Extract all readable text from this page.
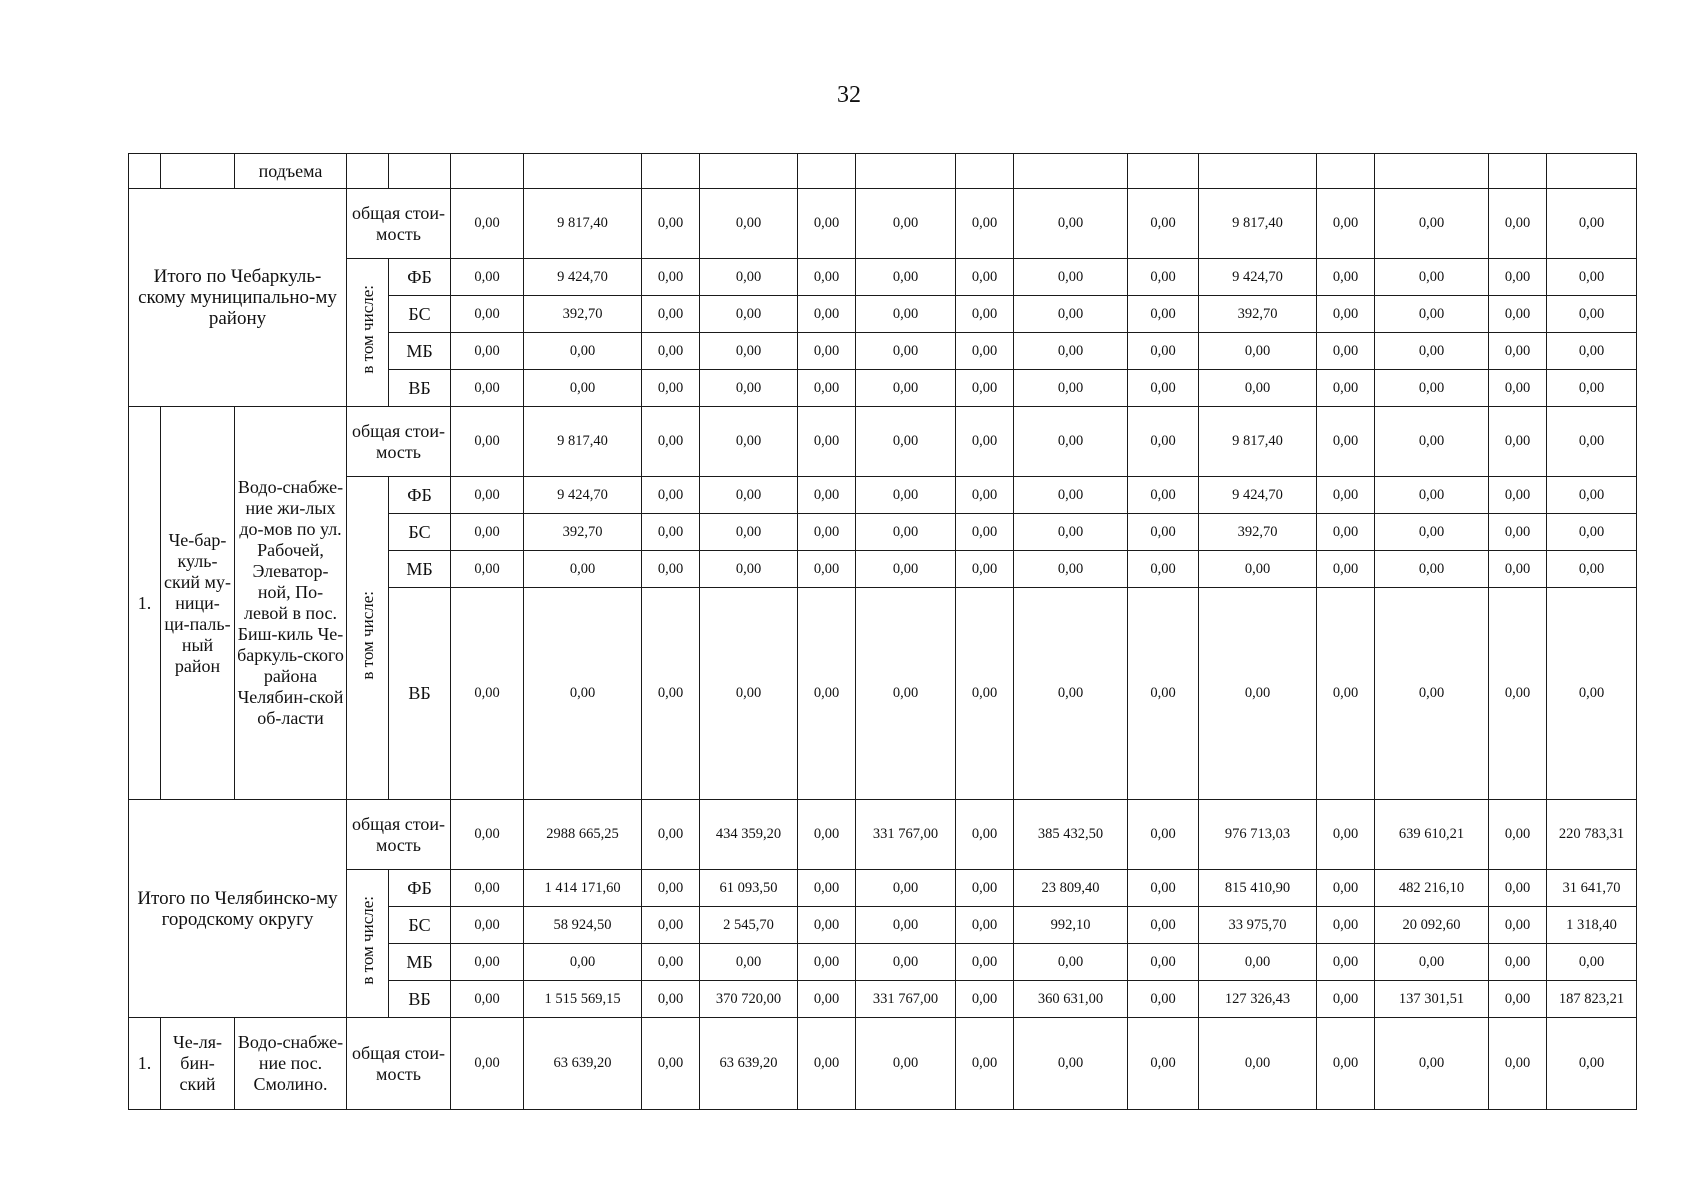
32
		подъема																
Итого по Чебаркуль-скому муниципально-му району			общая стои-мость		0,00	9 817,40	0,00	0,00	0,00	0,00	0,00	0,00	0,00	9 817,40	0,00	0,00	0,00	0,00
			в том числе:	ФБ	0,00	9 424,70	0,00	0,00	0,00	0,00	0,00	0,00	0,00	9 424,70	0,00	0,00	0,00	0,00
				БС	0,00	392,70	0,00	0,00	0,00	0,00	0,00	0,00	0,00	392,70	0,00	0,00	0,00	0,00
				МБ	0,00	0,00	0,00	0,00	0,00	0,00	0,00	0,00	0,00	0,00	0,00	0,00	0,00	0,00
				ВБ	0,00	0,00	0,00	0,00	0,00	0,00	0,00	0,00	0,00	0,00	0,00	0,00	0,00	0,00
1.	Че-бар-куль-ский му-ници-ци-паль-ный район	Водо-снабже-ние жи-лых до-мов по ул. Рабочей, Элеватор-ной, По-левой в пос. Биш-киль Че-баркуль-ского района Челябин-ской об-ласти	общая стои-мость		0,00	9 817,40	0,00	0,00	0,00	0,00	0,00	0,00	0,00	9 817,40	0,00	0,00	0,00	0,00
			в том числе:	ФБ	0,00	9 424,70	0,00	0,00	0,00	0,00	0,00	0,00	0,00	9 424,70	0,00	0,00	0,00	0,00
				БС	0,00	392,70	0,00	0,00	0,00	0,00	0,00	0,00	0,00	392,70	0,00	0,00	0,00	0,00
				МБ	0,00	0,00	0,00	0,00	0,00	0,00	0,00	0,00	0,00	0,00	0,00	0,00	0,00	0,00
				ВБ	0,00	0,00	0,00	0,00	0,00	0,00	0,00	0,00	0,00	0,00	0,00	0,00	0,00	0,00
Итого по Челябинско-му городскому округу			общая стои-мость		0,00	2988 665,25	0,00	434 359,20	0,00	331 767,00	0,00	385 432,50	0,00	976 713,03	0,00	639 610,21	0,00	220 783,31
			в том числе:	ФБ	0,00	1 414 171,60	0,00	61 093,50	0,00	0,00	0,00	23 809,40	0,00	815 410,90	0,00	482 216,10	0,00	31 641,70
				БС	0,00	58 924,50	0,00	2 545,70	0,00	0,00	0,00	992,10	0,00	33 975,70	0,00	20 092,60	0,00	1 318,40
				МБ	0,00	0,00	0,00	0,00	0,00	0,00	0,00	0,00	0,00	0,00	0,00	0,00	0,00	0,00
				ВБ	0,00	1 515 569,15	0,00	370 720,00	0,00	331 767,00	0,00	360 631,00	0,00	127 326,43	0,00	137 301,51	0,00	187 823,21
1.	Че-ля-бин-ский	Водо-снабже-ние пос. Смолино.	общая стои-мость		0,00	63 639,20	0,00	63 639,20	0,00	0,00	0,00	0,00	0,00	0,00	0,00	0,00	0,00	0,00
